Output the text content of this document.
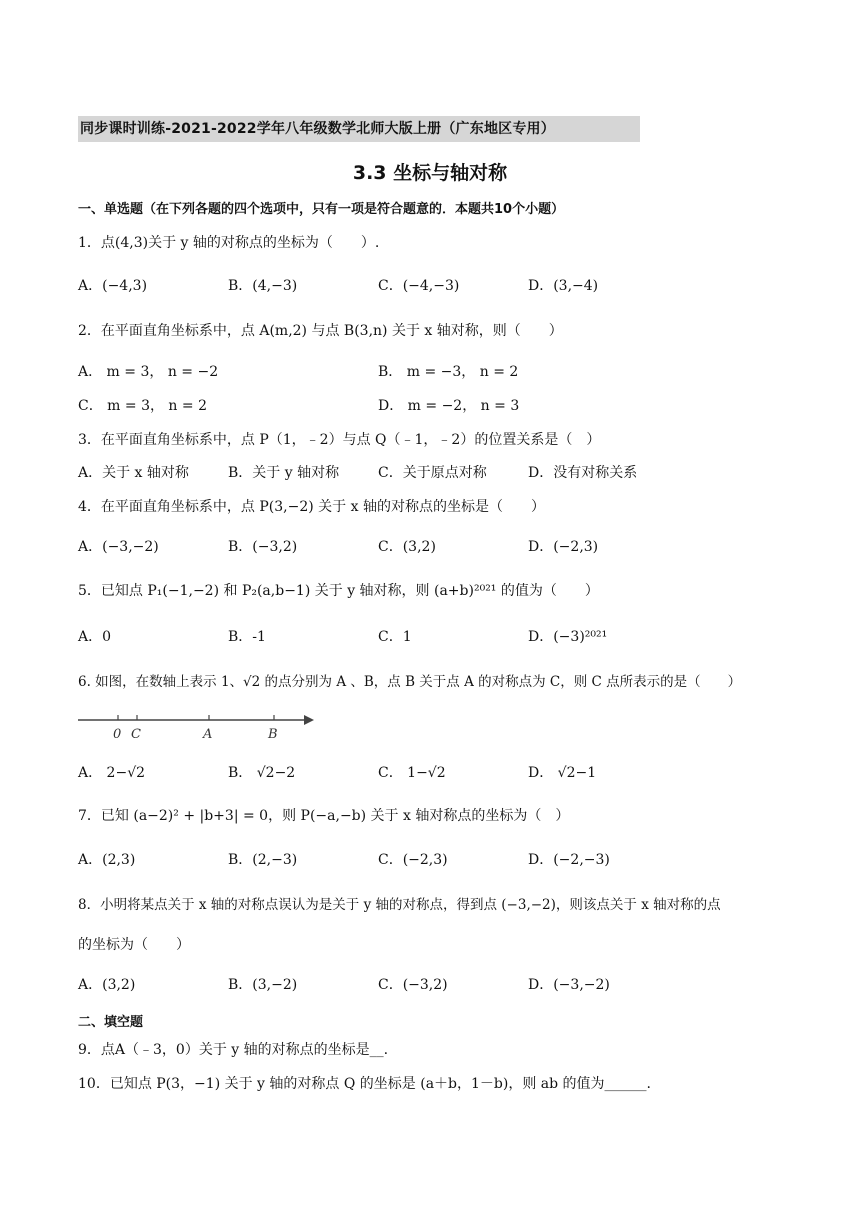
同步课时训练-2021-2022学年八年级数学北师大版上册（广东地区专用）
3.3 坐标与轴对称
一、单选题（在下列各题的四个选项中，只有一项是符合题意的．本题共10个小题）
1．点(4,3)关于 y 轴的对称点的坐标为（　　）.
A．(−4,3)	B．(4,−3)	C．(−4,−3)	D．(3,−4)
2．在平面直角坐标系中，点 A(m,2) 与点 B(3,n) 关于 x 轴对称，则（　　）
A． m = 3， n = −2	B． m = −3， n = 2
C． m = 3， n = 2	D． m = −2， n = 3
3．在平面直角坐标系中，点 P（1，﹣2）与点 Q（﹣1，﹣2）的位置关系是（　）
A．关于 x 轴对称	B．关于 y 轴对称	C．关于原点对称	D．没有对称关系
4．在平面直角坐标系中，点 P(3,−2) 关于 x 轴的对称点的坐标是（　　）
A．(−3,−2)	B．(−3,2)	C．(3,2)	D．(−2,3)
5．已知点 P₁(−1,−2) 和 P₂(a,b−1) 关于 y 轴对称，则 (a+b)²⁰²¹ 的值为（　　）
A．0	B．-1	C．1	D．(−3)²⁰²¹
6. 如图，在数轴上表示 1、√2 的点分别为 A 、B，点 B 关于点 A 的对称点为 C，则 C 点所表示的是（　　）
0 C	A	B
A． 2−√2	B． √2−2	C． 1−√2	D． √2−1
7．已知 (a−2)² + |b+3| = 0，则 P(−a,−b) 关于 x 轴对称点的坐标为（　）
A．(2,3)	B．(2,−3)	C．(−2,3)	D．(−2,−3)
8．小明将某点关于 x 轴的对称点误认为是关于 y 轴的对称点，得到点 (−3,−2)，则该点关于 x 轴对称的点
的坐标为（　　）
A．(3,2)	B．(3,−2)	C．(−3,2)	D．(−3,−2)
二、填空题
9．点A（﹣3，0）关于 y 轴的对称点的坐标是__.
10．已知点 P(3，−1) 关于 y 轴的对称点 Q 的坐标是 (a＋b，1－b)，则 ab 的值为______.
